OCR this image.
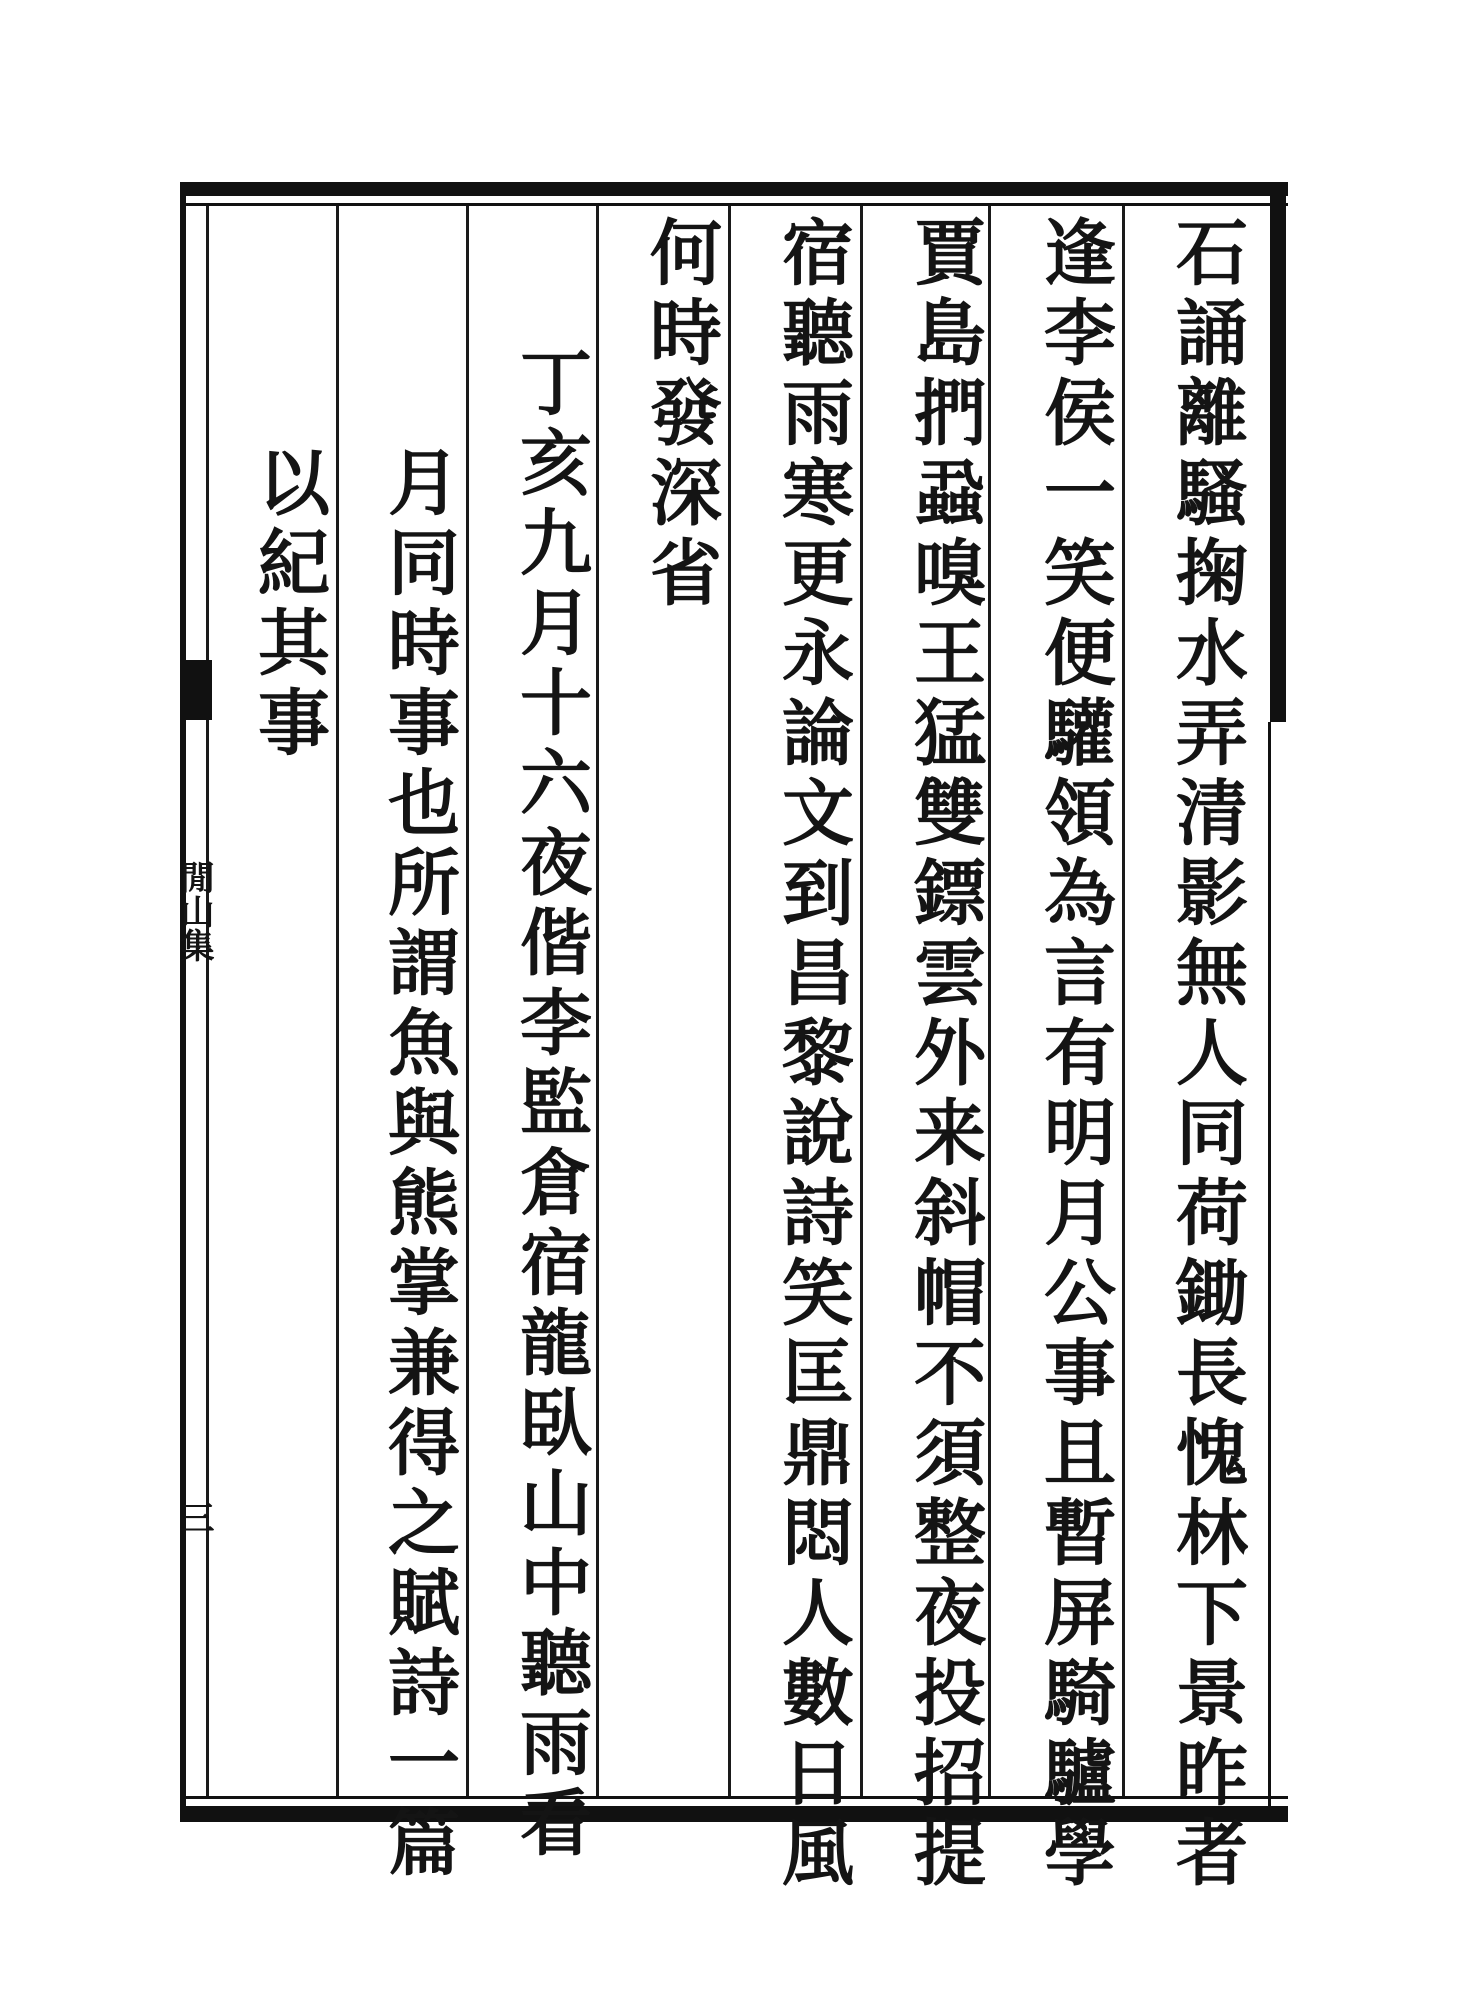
石誦離騷掬水弄清影無人同荷鋤長愧林下景昨者
逢李侯一笑便驩領為言有明月公事且暫屏騎驢學
賈島捫蝨嗅王猛雙鏢雲外来斜帽不須整夜投招提
宿聽雨寒更永論文到昌黎說詩笑匡鼎悶人數日風
何時發深省
丁亥九月十六夜偕李監倉宿龍臥山中聽雨看
月同時事也所謂魚與熊掌兼得之賦詩一篇
以紀其事
閒山集
三
